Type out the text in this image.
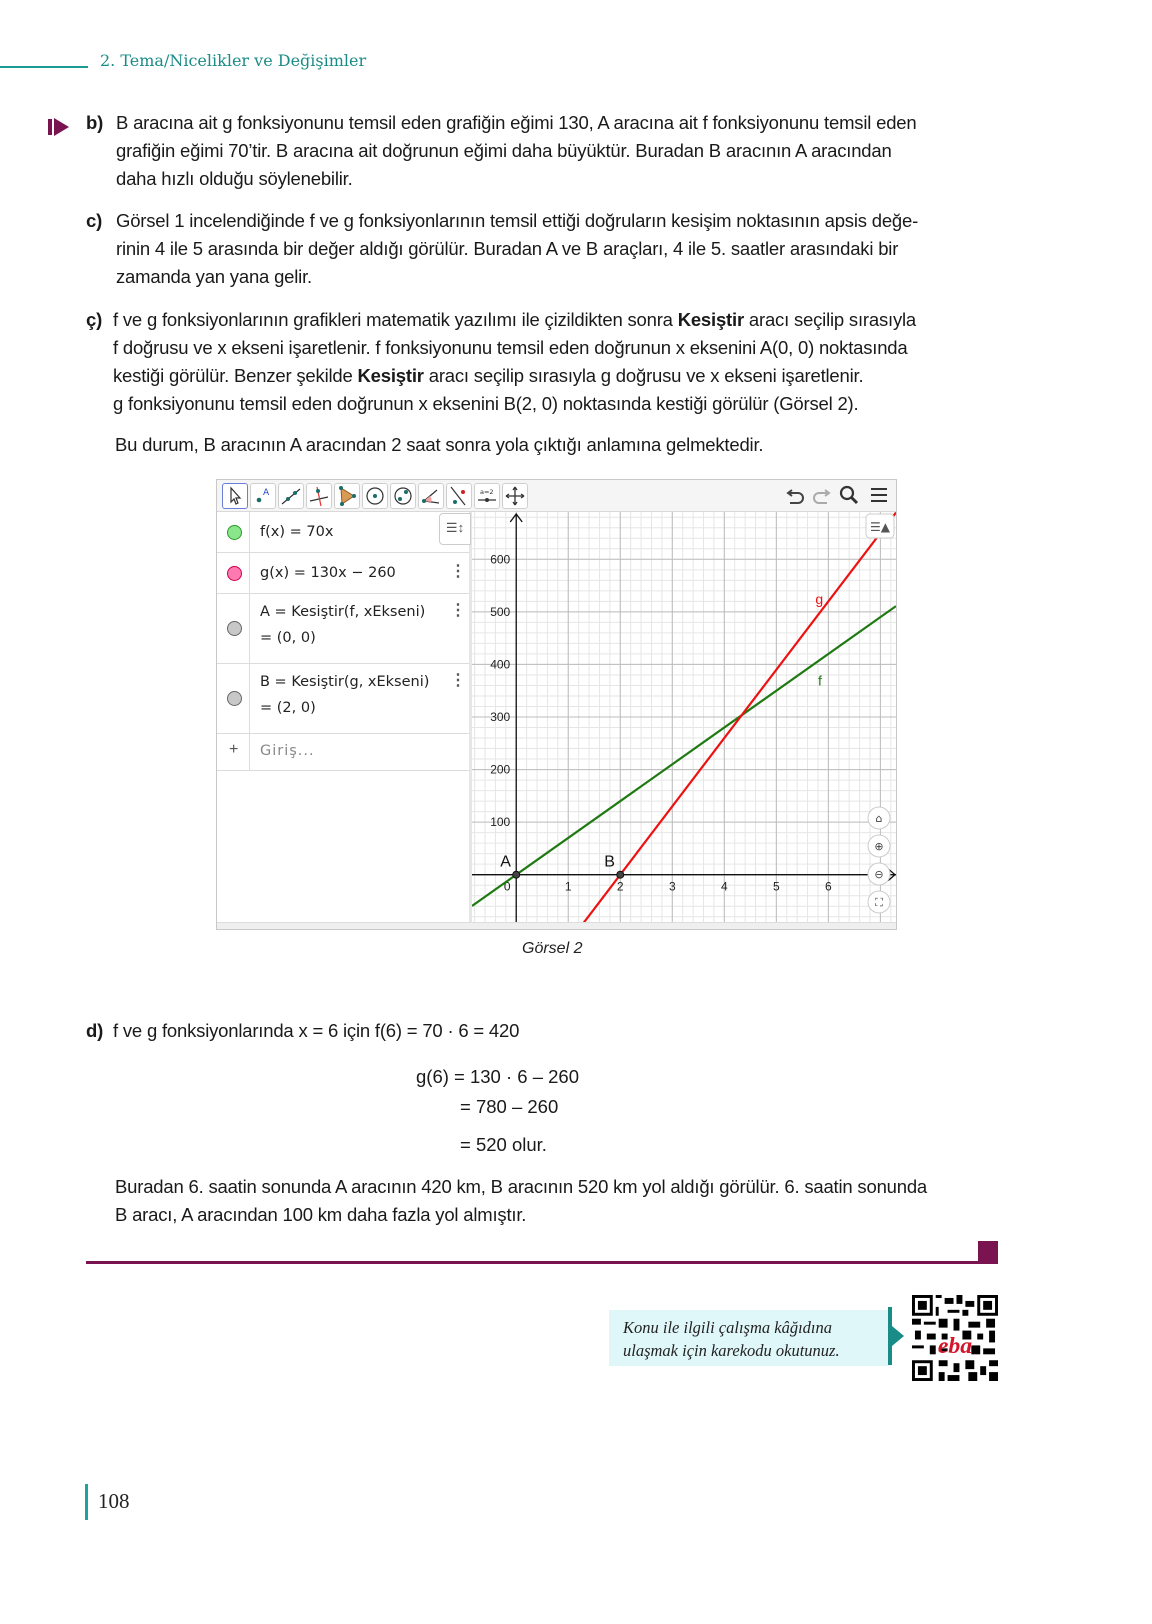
2. Tema/Nicelikler ve Değişimler
b) B aracına ait g fonksiyonunu temsil eden grafiğin eğimi 130, A aracına ait f fonksiyonunu temsil eden
grafiğin eğimi 70’tir. B aracına ait doğrunun eğimi daha büyüktür. Buradan B aracının A aracından
daha hızlı olduğu söylenebilir.
c) Görsel 1 incelendiğinde f ve g fonksiyonlarının temsil ettiği doğruların kesişim noktasının apsis değe-
rinin 4 ile 5 arasında bir değer aldığı görülür. Buradan A ve B araçları, 4 ile 5. saatler arasındaki bir
zamanda yan yana gelir.
ç) f ve g fonksiyonlarının grafikleri matematik yazılımı ile çizildikten sonra Kesiştir aracı seçilip sırasıyla
f doğrusu ve x ekseni işaretlenir. f fonksiyonunu temsil eden doğrunun x eksenini A(0, 0) noktasında
kestiği görülür. Benzer şekilde Kesiştir aracı seçilip sırasıyla g doğrusu ve x ekseni işaretlenir.
g fonksiyonunu temsil eden doğrunun x eksenini B(2, 0) noktasında kestiği görülür (Görsel 2).
Bu durum, B aracının A aracından 2 saat sonra yola çıktığı anlamına gelmektedir.
A	a=2
f(x) = 70x
g(x) = 130x − 260	⋮
A = Kesiştir(f, xEkseni)
= (0, 0)
⋮
B = Kesiştir(g, xEkseni)
= (2, 0)
⋮
+ Giriş...
☰↕
0	1	2	3	4	5	6
100
200
300
400
500
600
f
g
A	B
⌂
⊕
⊖
⛶
☰▲
Görsel 2
d) f ve g fonksiyonlarında x = 6 için f(6) = 70 · 6 = 420
g(6) = 130 · 6 – 260
= 780 – 260
= 520 olur.
Buradan 6. saatin sonunda A aracının 420 km, B aracının 520 km yol aldığı görülür. 6. saatin sonunda
B aracı, A aracından 100 km daha fazla yol almıştır.
Konu ile ilgili çalışma kâğıdına
ulaşmak için karekodu okutunuz.	eba
108
